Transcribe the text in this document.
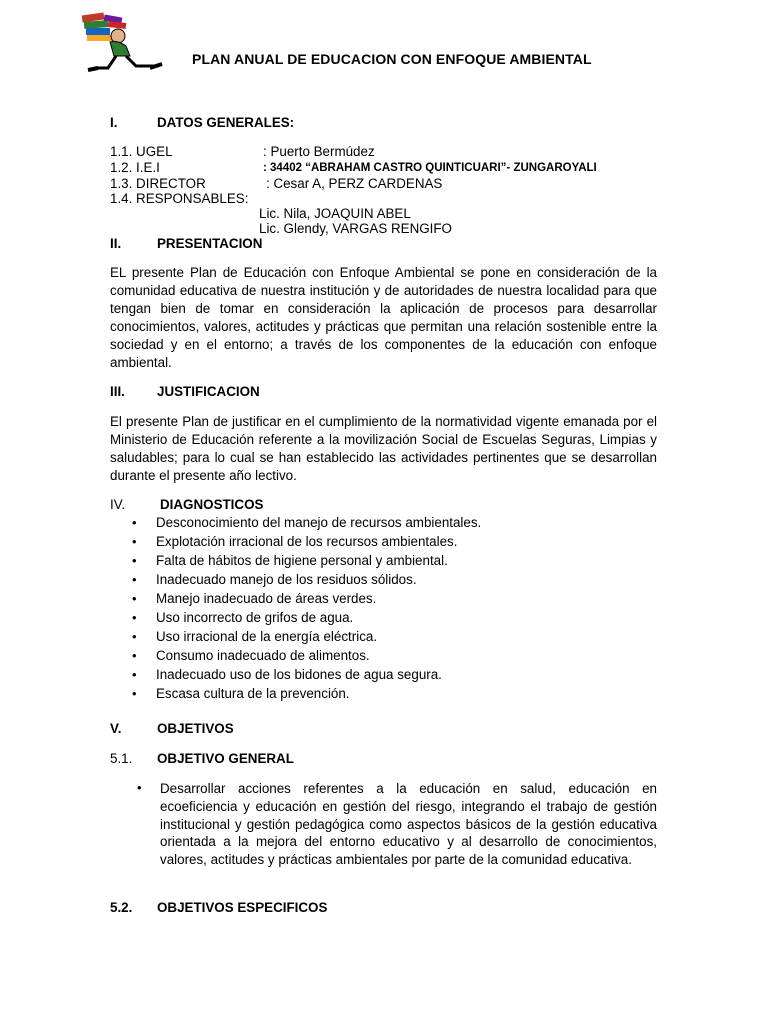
PLAN ANUAL DE EDUCACION CON ENFOQUE AMBIENTAL
I.	DATOS GENERALES:
1.1. UGEL	: Puerto Bermúdez
1.2. I.E.I	: 34402 “ABRAHAM CASTRO QUINTICUARI”- ZUNGAROYALI
1.3. DIRECTOR	: Cesar A, PERZ CARDENAS
1.4. RESPONSABLES:
Lic. Nila, JOAQUIN ABEL
Lic. Glendy, VARGAS RENGIFO
II.	PRESENTACION
EL presente Plan de Educación con Enfoque Ambiental se pone en consideración de la comunidad educativa de nuestra institución y de autoridades de nuestra localidad para que tengan bien de tomar en consideración la aplicación de procesos para desarrollar conocimientos, valores, actitudes y prácticas que permitan una relación sostenible entre la sociedad y en el entorno; a través de los componentes de la educación con enfoque ambiental.
III. JUSTIFICACION
El presente Plan de justificar en el cumplimiento de la normatividad vigente emanada por el Ministerio de Educación referente a la movilización Social de Escuelas Seguras, Limpias y saludables; para lo cual se han establecido las actividades pertinentes que se desarrollan durante el presente año lectivo.
IV.	DIAGNOSTICOS
• Desconocimiento del manejo de recursos ambientales.
• Explotación irracional de los recursos ambientales.
• Falta de hábitos de higiene personal y ambiental.
• Inadecuado manejo de los residuos sólidos.
• Manejo inadecuado de áreas verdes.
• Uso incorrecto de grifos de agua.
• Uso irracional de la energía eléctrica.
• Consumo inadecuado de alimentos.
• Inadecuado uso de los bidones de agua segura.
• Escasa cultura de la prevención.
V.	OBJETIVOS
5.1. OBJETIVO GENERAL
• Desarrollar acciones referentes a la educación en salud, educación en ecoeficiencia y educación en gestión del riesgo, integrando el trabajo de gestión institucional y gestión pedagógica como aspectos básicos de la gestión educativa orientada a la mejora del entorno educativo y al desarrollo de conocimientos, valores, actitudes y prácticas ambientales por parte de la comunidad educativa.
5.2. OBJETIVOS ESPECIFICOS
